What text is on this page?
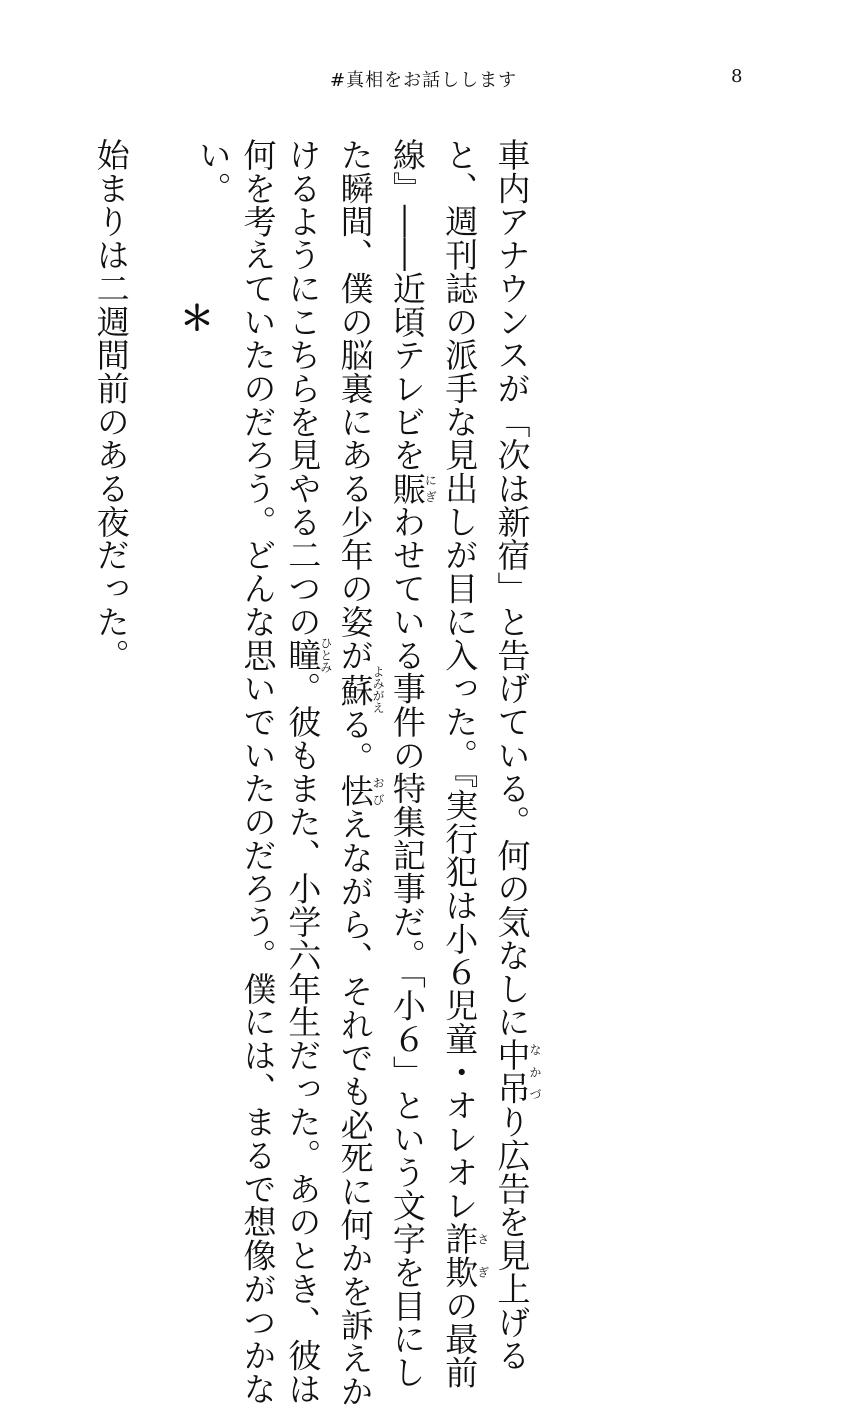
#真相をお話しします	8

車内アナウンスが「次は新宿」と告げている。何の気なしに中吊なかづり広告を見上げる

と、週刊誌の派手な見出しが目に入った。『実行犯は小６児童・オレオレ詐欺さぎの最前

線』――近頃テレビを賑にぎわせている事件の特集記事だ。「小６」という文字を目にし

た瞬間、僕の脳裏にある少年の姿が蘇よみがえる。怯おびえながら、それでも必死に何かを訴えか

けるようにこちらを見やる二つの瞳ひとみ。彼もまた、小学六年生だった。あのとき、彼は

何を考えていたのだろう。どんな思いでいたのだろう。僕には、まるで想像がつかな

い。

＊
始まりは二週間前のある夜だった。
